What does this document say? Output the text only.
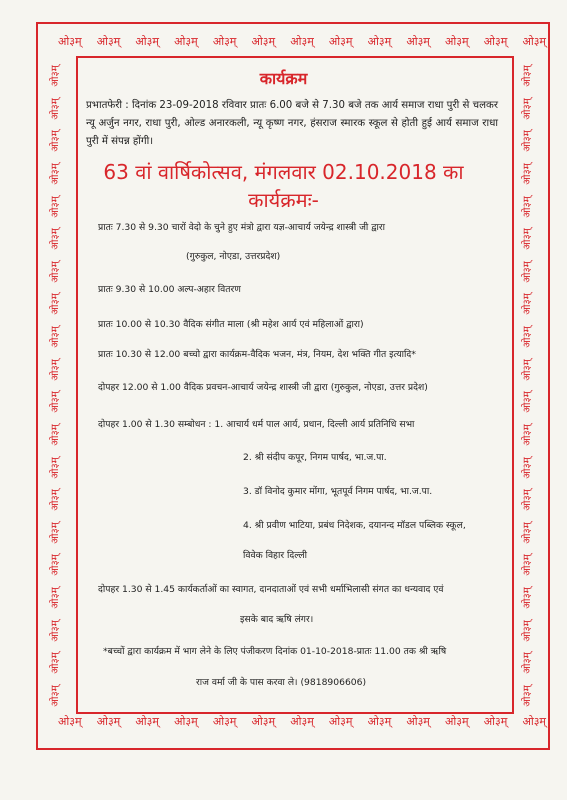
ओ३म् ओ३म् ओ३म् ओ३म् ओ३म् ओ३म् ओ३म् ओ३म् ओ३म् ओ३म् ओ३म् ओ३म् ओ३म्
ओ३म् ओ३म् ओ३म् ओ३म् ओ३म् ओ३म् ओ३म् ओ३म् ओ३म् ओ३म् ओ३म् ओ३म् ओ३म्
ओ३म्
ओ३म्
ओ३म्
ओ३म्
ओ३म्
ओ३म्
ओ३म्
ओ३म्
ओ३म्
ओ३म्
ओ३म्
ओ३म्
ओ३म्
ओ३म्
ओ३म्
ओ३म्
ओ३म्
ओ३म्
ओ३म्
ओ३म्
ओ३म्
ओ३म्
ओ३म्
ओ३म्
ओ३म्
ओ३म्
ओ३म्
ओ३म्
ओ३म्
ओ३म्
ओ३म्
ओ३म्
ओ३म्
ओ३म्
ओ३म्
ओ३म्
ओ३म्
ओ३म्
ओ३म्
ओ३म्
कार्यक्रम
प्रभातफेरी : दिनांक 23-09-2018 रविवार प्रातः 6.00 बजे से 7.30 बजे तक आर्य समाज राधा पुरी से चलकर न्यू अर्जुन नगर, राधा पुरी, ओल्ड अनारकली, न्यू कृष्ण नगर, हंसराज स्मारक स्कूल से होती हुई आर्य समाज राधा पुरी में संपन्न होंगी।
63 वां वार्षिकोत्सव, मंगलवार 02.10.2018 का
कार्यक्रमः-
प्रातः 7.30 से 9.30 चारों वेदो के चुने हुए मंत्रो द्वारा यज्ञ-आचार्य जयेन्द्र शास्त्री जी द्वारा
(गुरुकुल, नोएडा, उत्तरप्रदेश)
प्रातः 9.30 से 10.00 अल्प-अहार वितरण
प्रातः 10.00 से 10.30 वैदिक संगीत माला (श्री महेश आर्य एवं महिलाओं द्वारा)
प्रातः 10.30 से 12.00 बच्चो द्वारा कार्यक्रम-वैदिक भजन, मंत्र, नियम, देश भक्ति गीत इत्यादि*
दोपहर 12.00 से 1.00 वैदिक प्रवचन-आचार्य जयेन्द्र शास्त्री जी द्वारा (गुरुकुल, नोएडा, उत्तर प्रदेश)
दोपहर 1.00 से 1.30 सम्बोधन : 1. आचार्य धर्म पाल आर्य, प्रधान, दिल्ली आर्य प्रतिनिधि सभा
2. श्री संदीप कपूर, निगम पार्षद, भा.ज.पा.
3. डॉ विनोद कुमार मोंगा, भूतपूर्व निगम पार्षद, भा.ज.पा.
4. श्री प्रवीण भाटिया, प्रबंध निदेशक, दयानन्द मॉडल पब्लिक स्कूल,
विवेक विहार दिल्ली
दोपहर 1.30 से 1.45 कार्यकर्ताओं का स्वागत, दानदाताओं एवं सभी धर्माभिलासी संगत का धन्यवाद एवं
इसके बाद ऋषि लंगर।
*बच्चों द्वारा कार्यक्रम में भाग लेने के लिए पंजीकरण दिनांक 01-10-2018-प्रातः 11.00 तक श्री ऋषि
राज वर्मा जी के पास करवा ले। (9818906606)
